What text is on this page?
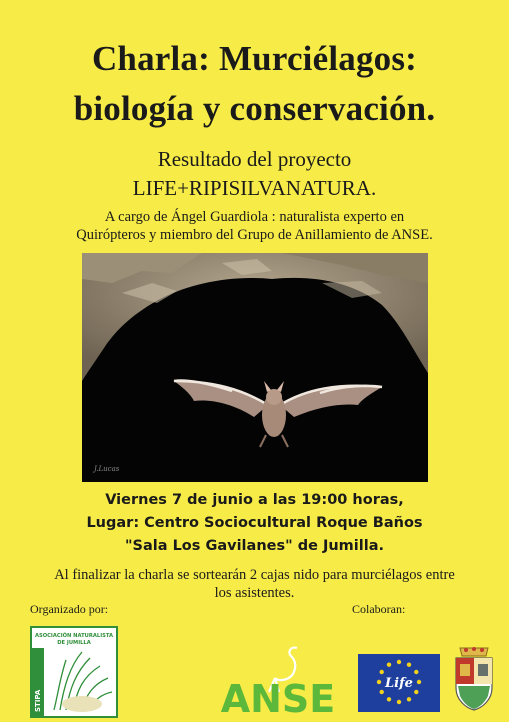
Charla: Murciélagos:
biología y conservación.
Resultado del proyecto
LIFE+RIPISILVANATURA.
A cargo de Ángel Guardiola : naturalista experto en
Quirópteros y miembro del Grupo de Anillamiento de ANSE.
J.Lucas
Viernes 7 de junio a las 19:00 horas,
Lugar: Centro Sociocultural Roque Baños
"Sala Los Gavilanes" de Jumilla.
Al finalizar la charla se sortearán 2 cajas nido para murciélagos entre
los asistentes.
Organizado por:	Colaboran:
ASOCIACIÓN NATURALISTA
DE JUMILLA
STIPA	ANSE	Life
